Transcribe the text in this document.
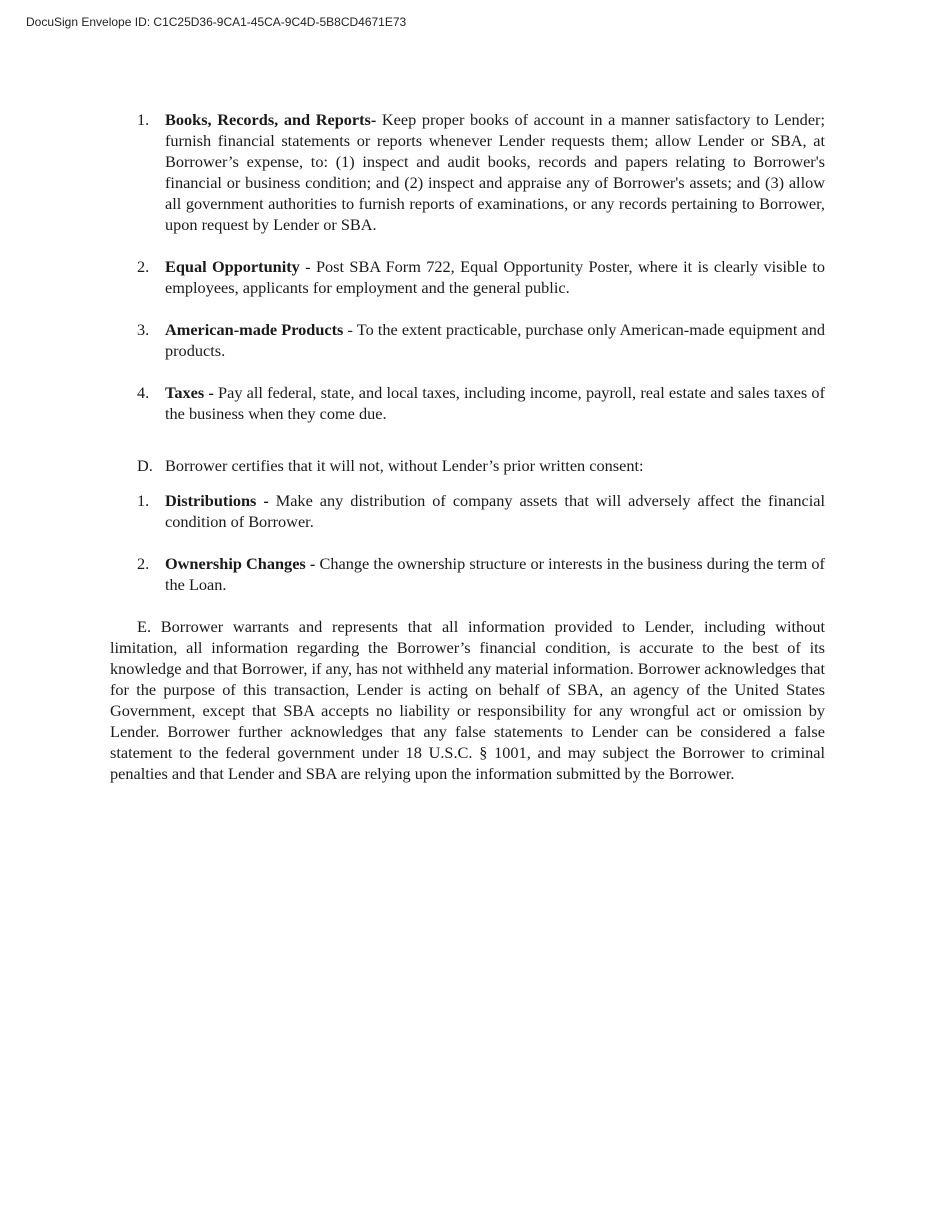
DocuSign Envelope ID: C1C25D36-9CA1-45CA-9C4D-5B8CD4671E73
1. Books, Records, and Reports- Keep proper books of account in a manner satisfactory to Lender; furnish financial statements or reports whenever Lender requests them; allow Lender or SBA, at Borrower’s expense, to: (1) inspect and audit books, records and papers relating to Borrower's financial or business condition; and (2) inspect and appraise any of Borrower's assets; and (3) allow all government authorities to furnish reports of examinations, or any records pertaining to Borrower, upon request by Lender or SBA.
2. Equal Opportunity - Post SBA Form 722, Equal Opportunity Poster, where it is clearly visible to employees, applicants for employment and the general public.
3. American-made Products - To the extent practicable, purchase only American-made equipment and products.
4. Taxes - Pay all federal, state, and local taxes, including income, payroll, real estate and sales taxes of the business when they come due.
D. Borrower certifies that it will not, without Lender’s prior written consent:
1. Distributions - Make any distribution of company assets that will adversely affect the financial condition of Borrower.
2. Ownership Changes - Change the ownership structure or interests in the business during the term of the Loan.

E. Borrower warrants and represents that all information provided to Lender, including without limitation, all information regarding the Borrower’s financial condition, is accurate to the best of its knowledge and that Borrower, if any, has not withheld any material information. Borrower acknowledges that for the purpose of this transaction, Lender is acting on behalf of SBA, an agency of the United States Government, except that SBA accepts no liability or responsibility for any wrongful act or omission by Lender. Borrower further acknowledges that any false statements to Lender can be considered a false statement to the federal government under 18 U.S.C. § 1001, and may subject the Borrower to criminal penalties and that Lender and SBA are relying upon the information submitted by the Borrower.
